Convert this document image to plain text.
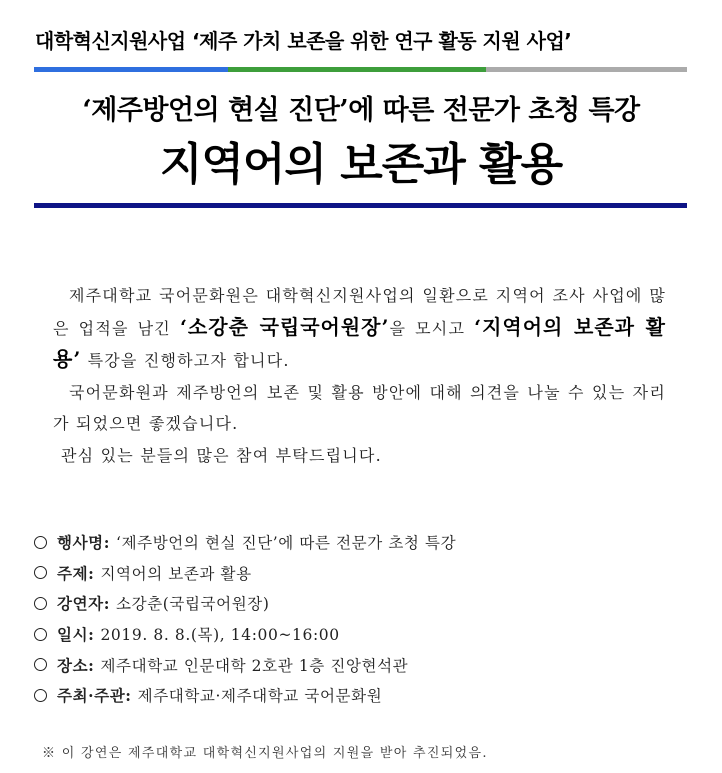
대학혁신지원사업 ‘제주 가치 보존을 위한 연구 활동 지원 사업’
‘제주방언의 현실 진단’에 따른 전문가 초청 특강
지역어의 보존과 활용

제주대학교 국어문화원은 대학혁신지원사업의 일환으로 지역어 조사 사업에 많은 업적을 남긴 ‘소강춘 국립국어원장’을 모시고 ‘지역어의 보존과 활용’ 특강을 진행하고자 합니다.

국어문화원과 제주방언의 보존 및 활용 방안에 대해 의견을 나눌 수 있는 자리가 되었으면 좋겠습니다.

관심 있는 분들의 많은 참여 부탁드립니다.

행사명: ‘제주방언의 현실 진단’에 따른 전문가 초청 특강
주제: 지역어의 보존과 활용
강연자: 소강춘(국립국어원장)
일시: 2019. 8. 8.(목), 14:00~16:00
장소: 제주대학교 인문대학 2호관 1층 진앙현석관
주최·주관: 제주대학교·제주대학교 국어문화원
※ 이 강연은 제주대학교 대학혁신지원사업의 지원을 받아 추진되었음.
